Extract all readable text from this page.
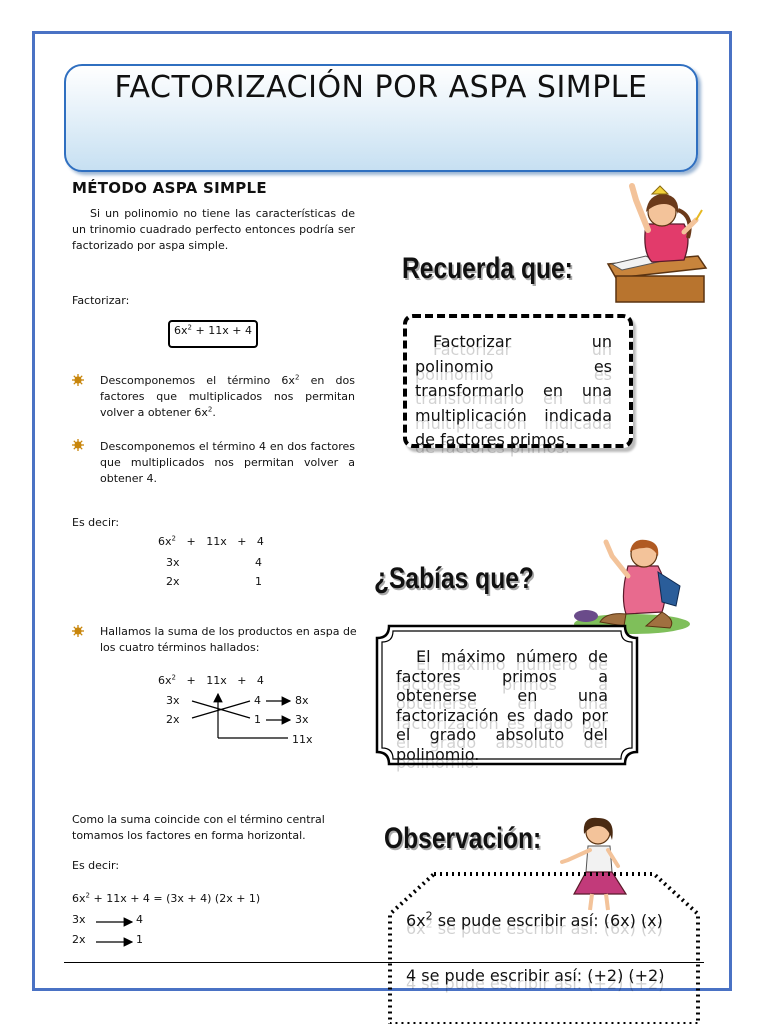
FACTORIZACIÓN POR ASPA SIMPLE
MÉTODO ASPA SIMPLE
Si un polinomio no tiene las características de un trinomio cuadrado perfecto entonces podría ser factorizado por aspa simple.
Factorizar:
$6x^2 + 11x + 4$
Descomponemos el término $6x^2$ en dos factores que multiplicados nos permitan volver a obtener $6x^2$.
Descomponemos el término 4 en dos factores que multiplicados nos permitan volver a obtener 4.
Es decir:
$6x^2 + 11x + 4$
3x	4
2x	1
Hallamos la suma de los productos en aspa de los cuatro términos hallados:
$6x^2 + 11x + 4$
3x	4	8x
2x	1	3x
11x
Como la suma coincide con el término central tomamos los factores en forma horizontal.
Es decir:
$6x^2 + 11x + 4 = (3x + 4) (2x + 1)$
3x	4
2x	1
Recuerda que:
Factorizar un polinomio es transformarlo en una multiplicación indicada de factores primos.
¿Sabías que?
El máximo número de factores primos a obtenerse en una factorización es dado por el grado absoluto del polinomio.
Observación:
$6x^2$ se pude escribir así: (6x) (x)
4 se pude escribir así: (+2) (+2)
